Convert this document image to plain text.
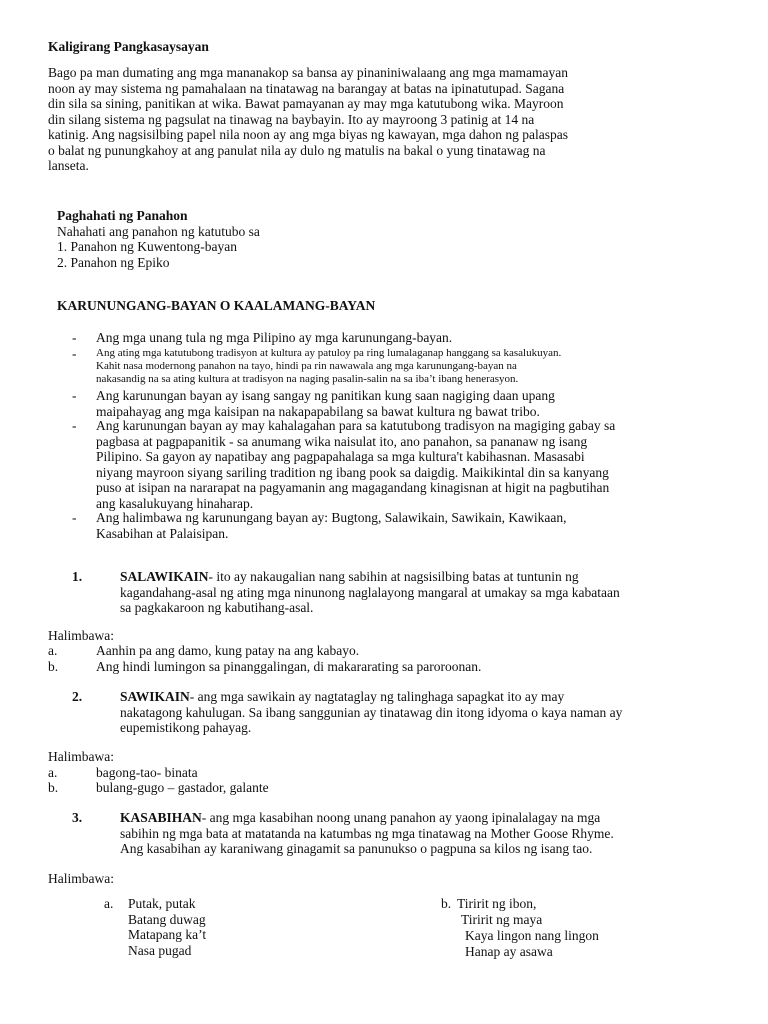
Kaligirang Pangkasaysayan
Bago pa man dumating ang mga mananakop sa bansa ay pinaniniwalaang ang mga mamamayan
noon ay may sistema ng pamahalaan na tinatawag na barangay at batas na ipinatutupad. Sagana
din sila sa sining, panitikan at wika. Bawat pamayanan ay may mga katutubong wika. Mayroon
din silang sistema ng pagsulat na tinawag na baybayin. Ito ay mayroong 3 patinig at 14 na
katinig. Ang nagsisilbing papel nila noon ay ang mga biyas ng kawayan, mga dahon ng palaspas
o balat ng punungkahoy at ang panulat nila ay dulo ng matulis na bakal o yung tinatawag na
lanseta.
Paghahati ng Panahon
Nahahati ang panahon ng katutubo sa
1. Panahon ng Kuwentong-bayan
2. Panahon ng Epiko
KARUNUNGANG-BAYAN O KAALAMANG-BAYAN
- Ang mga unang tula ng mga Pilipino ay mga karunungang-bayan.
- Ang ating mga katutubong tradisyon at kultura ay patuloy pa ring lumalaganap hanggang sa kasalukuyan.
Kahit nasa modernong panahon na tayo, hindi pa rin nawawala ang mga karunungang-bayan na
nakasandig na sa ating kultura at tradisyon na naging pasalin-salin na sa iba’t ibang henerasyon.
- Ang karunungan bayan ay isang sangay ng panitikan kung saan nagiging daan upang
maipahayag ang mga kaisipan na nakapapabilang sa bawat kultura ng bawat tribo.
- Ang karunungan bayan ay may kahalagahan para sa katutubong tradisyon na magiging gabay sa
pagbasa at pagpapanitik - sa anumang wika naisulat ito, ano panahon, sa pananaw ng isang
Pilipino. Sa gayon ay napatibay ang pagpapahalaga sa mga kultura't kabihasnan. Masasabi
niyang mayroon siyang sariling tradition ng ibang pook sa daigdig. Maikikintal din sa kanyang
puso at isipan na nararapat na pagyamanin ang magagandang kinagisnan at higit na pagbutihan
ang kasalukuyang hinaharap.
- Ang halimbawa ng karunungang bayan ay: Bugtong, Salawikain, Sawikain, Kawikaan,
Kasabihan at Palaisipan.
1.	SALAWIKAIN- ito ay nakaugalian nang sabihin at nagsisilbing batas at tuntunin ng
kagandahang-asal ng ating mga ninunong naglalayong mangaral at umakay sa mga kabataan
sa pagkakaroon ng kabutihang-asal.
Halimbawa:
a.	Aanhin pa ang damo, kung patay na ang kabayo.
b.	Ang hindi lumingon sa pinanggalingan, di makararating sa paroroonan.
2.	SAWIKAIN- ang mga sawikain ay nagtataglay ng talinghaga sapagkat ito ay may
nakatagong kahulugan. Sa ibang sanggunian ay tinatawag din itong idyoma o kaya naman ay
eupemistikong pahayag.
Halimbawa:
a.	bagong-tao- binata
b.	bulang-gugo – gastador, galante
3.	KASABIHAN- ang mga kasabihan noong unang panahon ay yaong ipinalalagay na mga
sabihin ng mga bata at matatanda na katumbas ng mga tinatawag na Mother Goose Rhyme.
Ang kasabihan ay karaniwang ginagamit sa panunukso o pagpuna sa kilos ng isang tao.
Halimbawa:
a. Putak, putak
Batang duwag
Matapang ka’t
Nasa pugad
b. Tiririt ng ibon,
Tiririt ng maya
Kaya lingon nang lingon
Hanap ay asawa
